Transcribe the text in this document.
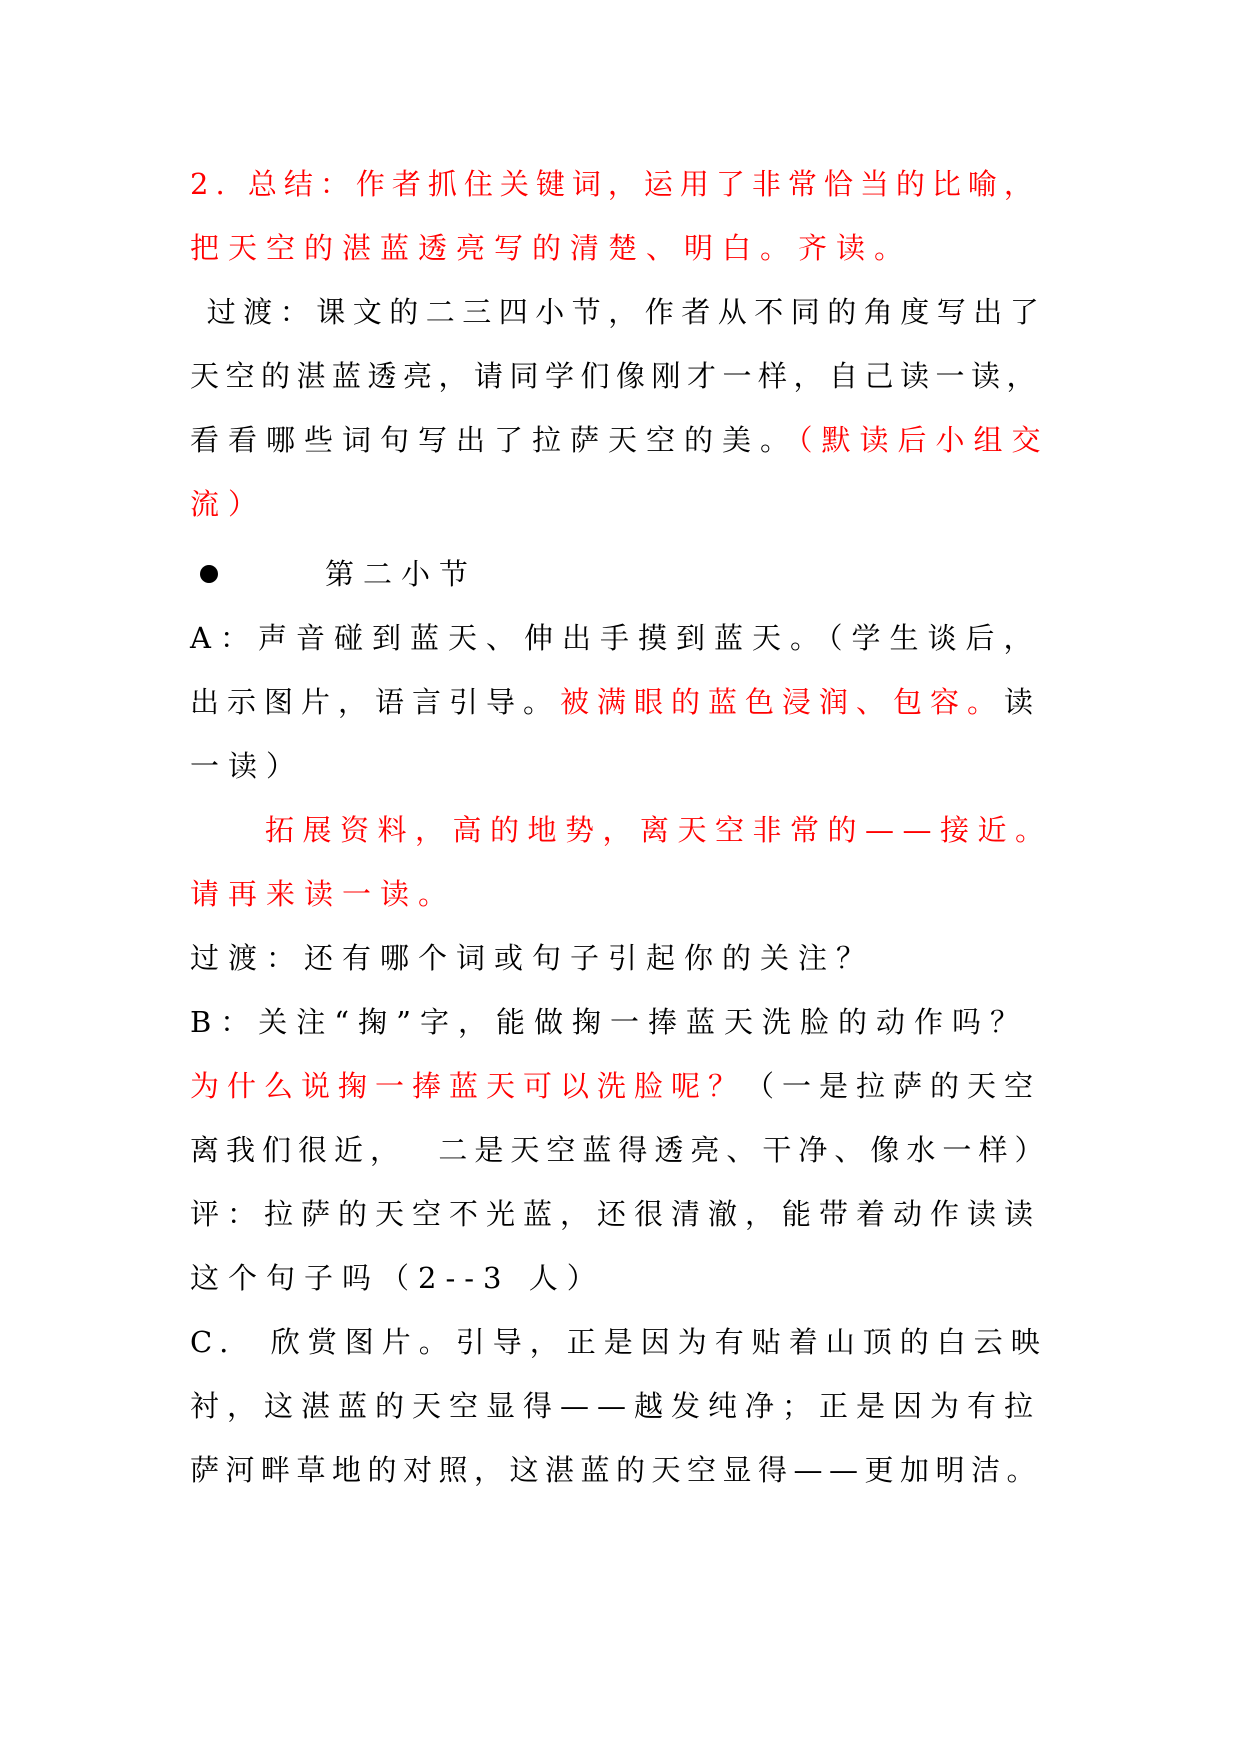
2. 总结：作者抓住关键词，运用了非常恰当的比喻，
把天空的湛蓝透亮写的清楚、明白。齐读。
过渡：课文的二三四小节，作者从不同的角度写出了
天空的湛蓝透亮，请同学们像刚才一样，自己读一读，
看看哪些词句写出了拉萨天空的美。（默读后小组交
流）
第二小节
A：声音碰到蓝天、伸出手摸到蓝天。（学生谈后，
出示图片，语言引导。被满眼的蓝色浸润、包容。读
一读）
拓展资料，高的地势，离天空非常的——接近。
请再来读一读。
过渡：还有哪个词或句子引起你的关注？
B：关注“掬”字，能做掬一捧蓝天洗脸的动作吗？
为什么说掬一捧蓝天可以洗脸呢？（一是拉萨的天空
离我们很近，  二是天空蓝得透亮、干净、像水一样）
评：拉萨的天空不光蓝，还很清澈，能带着动作读读
这个句子吗（2--3 人）
C.  欣赏图片。引导，正是因为有贴着山顶的白云映
衬，这湛蓝的天空显得——越发纯净；正是因为有拉
萨河畔草地的对照，这湛蓝的天空显得——更加明洁。
